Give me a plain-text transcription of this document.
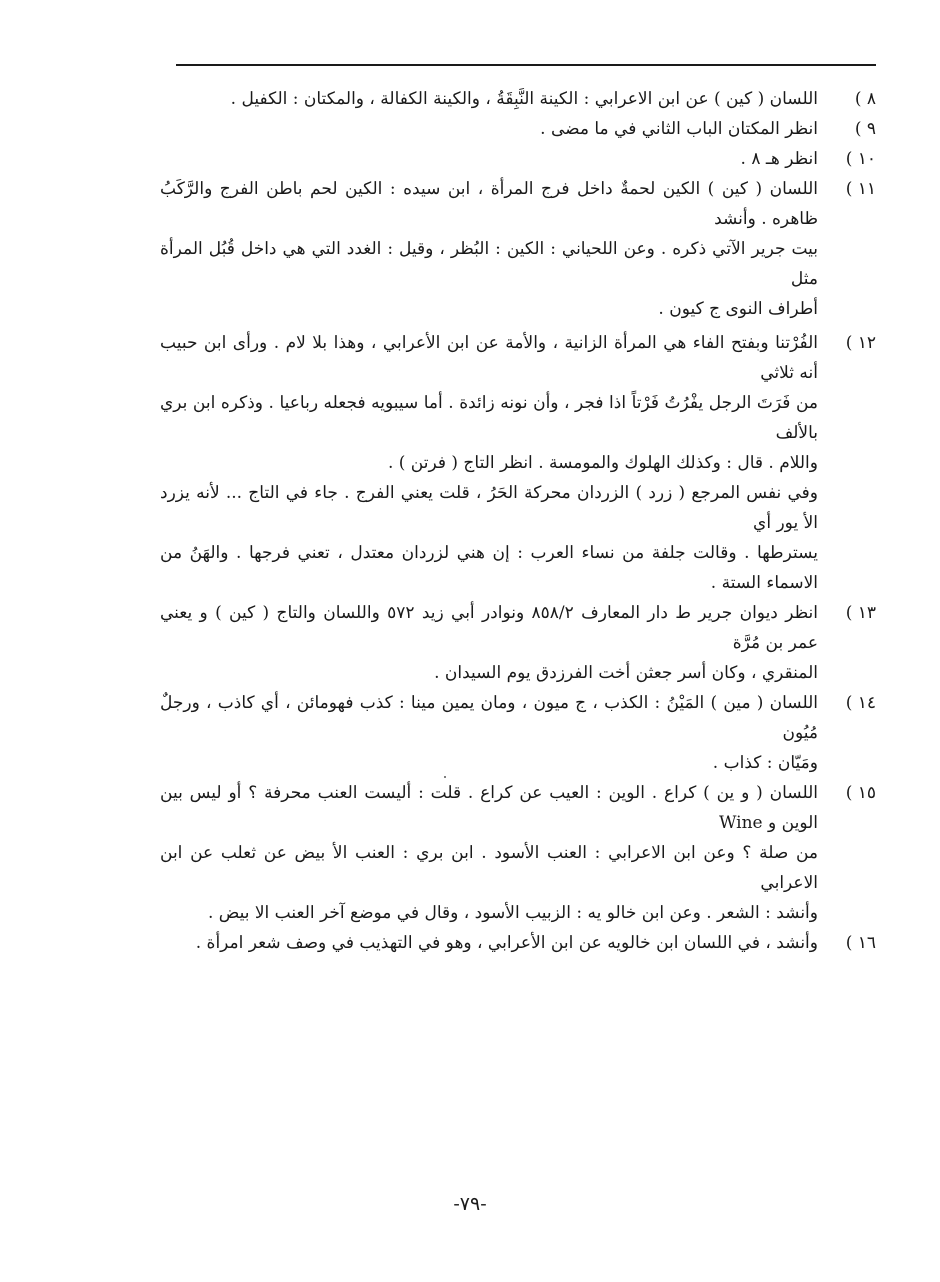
٨ )
اللسان ( كين ) عن ابن الاعرابي : الكينة النَّبِقَةُ ، والكينة الكفالة ، والمكتان : الكفيل .
٩ )
انظر المكتان الباب الثاني في ما مضى .
١٠ )
انظر هـ ٨ .
١١ )
اللسان ( كين ) الكين لحمةٌ داخل فرج المرأة ، ابن سيده : الكين لحم باطن الفرج والرَّكَبُ ظاهره . وأنشد
بيت جرير الآتي ذكره . وعن اللحياني : الكين : البُظر ، وقيل : الغدد التي هي داخل قُبُل المرأة مثل
أطراف النوى ج كيون .
١٢ )
الفُرْتنا وبفتح الفاء هي المرأة الزانية ، والأمة عن ابن الأعرابي ، وهذا بلا لام . ورأى ابن حبيب أنه ثلاثي
من فَرَتَ الرجل يفْرُتُ فَرْتاً اذا فجر ، وأن نونه زائدة . أما سيبويه فجعله رباعيا . وذكره ابن بري بالألف
واللام . قال : وكذلك الهلوك والمومسة . انظر التاج ( فرتن ) .
وفي نفس المرجع ( زرد ) الزردان محركة الحَرُ ، قلت يعني الفرج . جاء في التاج ... لأنه يزرد الأ يور أي
يسترطها . وقالت جلفة من نساء العرب : إن هني لزردان معتدل ، تعني فرجها . والهَنُ من الاسماء الستة .
١٣ )
انظر ديوان جرير ط دار المعارف ٨٥٨/٢ ونوادر أبي زيد ٥٧٢ واللسان والتاج ( كين ) و يعني عمر بن مُرَّة
المنقري ، وكان أسر جعثن أخت الفرزدق يوم السيدان .
١٤ )
اللسان ( مين ) المَيْنُ : الكذب ، ج ميون ، ومان يمين مينا : كذب فهومائن ، أي كاذب ، ورجلٌ مُيُون
ومَيّان : كذاب .
١٥ )
اللسان ( و ين ) كراع . الوين : العيب عن كراع . قلت : أليست العنب محرفة ؟ أو ليس بين الوين و Wine
من صلة ؟ وعن ابن الاعرابي : العنب الأسود . ابن بري : العنب الأ بيض عن ثعلب عن ابن الاعرابي
وأنشد : الشعر . وعن ابن خالو يه : الزبيب الأسود ، وقال في موضع آخر العنب الا بيض .
١٦ )
وأنشد ، في اللسان ابن خالويه عن ابن الأعرابي ، وهو في التهذيب في وصف شعر امرأة .
-٧٩-
